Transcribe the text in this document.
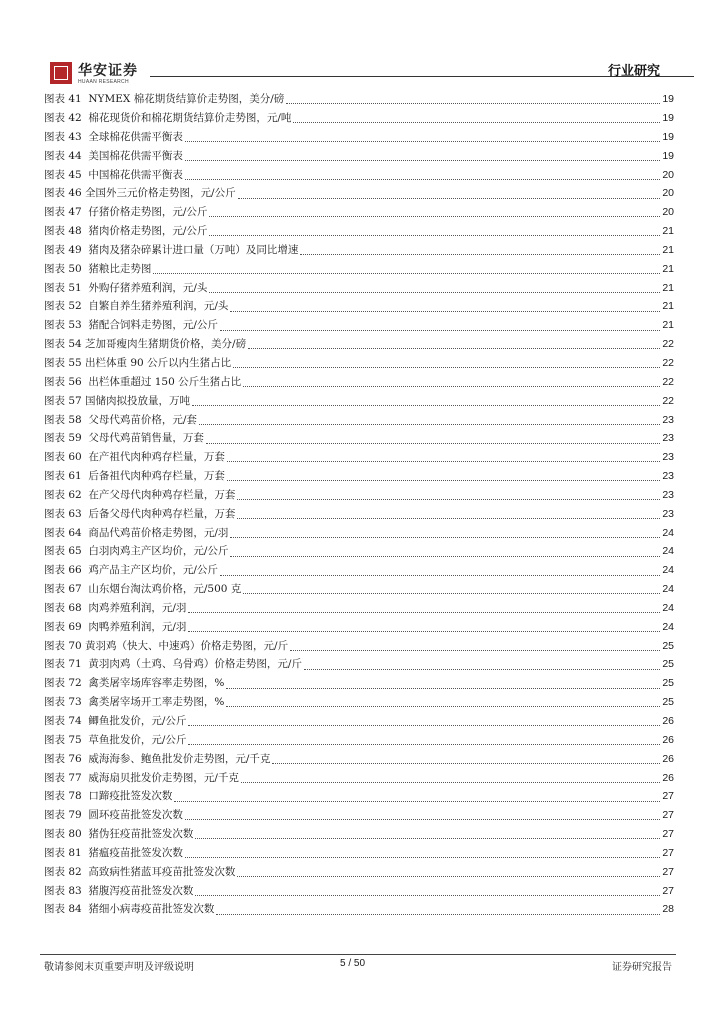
华安证券
HUAAN RESEARCH
行业研究
图表 41  NYMEX 棉花期货结算价走势图，美分/磅	19
图表 42  棉花现货价和棉花期货结算价走势图，元/吨	19
图表 43  全球棉花供需平衡表	19
图表 44  美国棉花供需平衡表	19
图表 45  中国棉花供需平衡表	20
图表 46 全国外三元价格走势图，元/公斤	20
图表 47  仔猪价格走势图，元/公斤	20
图表 48  猪肉价格走势图，元/公斤	21
图表 49  猪肉及猪杂碎累计进口量（万吨）及同比增速	21
图表 50  猪粮比走势图	21
图表 51  外购仔猪养殖利润，元/头	21
图表 52  自繁自养生猪养殖利润，元/头	21
图表 53  猪配合饲料走势图，元/公斤	21
图表 54 芝加哥瘦肉生猪期货价格，美分/磅	22
图表 55 出栏体重 90 公斤以内生猪占比	22
图表 56  出栏体重超过 150 公斤生猪占比	22
图表 57 国储肉拟投放量，万吨	22
图表 58  父母代鸡苗价格，元/套	23
图表 59  父母代鸡苗销售量，万套	23
图表 60  在产祖代肉种鸡存栏量，万套	23
图表 61  后备祖代肉种鸡存栏量，万套	23
图表 62  在产父母代肉种鸡存栏量，万套	23
图表 63  后备父母代肉种鸡存栏量，万套	23
图表 64  商品代鸡苗价格走势图，元/羽	24
图表 65  白羽肉鸡主产区均价，元/公斤	24
图表 66  鸡产品主产区均价，元/公斤	24
图表 67  山东烟台淘汰鸡价格，元/500 克	24
图表 68  肉鸡养殖利润，元/羽	24
图表 69  肉鸭养殖利润，元/羽	24
图表 70 黄羽鸡（快大、中速鸡）价格走势图，元/斤	25
图表 71  黄羽肉鸡（土鸡、乌骨鸡）价格走势图，元/斤	25
图表 72  禽类屠宰场库容率走势图，%	25
图表 73  禽类屠宰场开工率走势图，%	25
图表 74  鲫鱼批发价，元/公斤	26
图表 75  草鱼批发价，元/公斤	26
图表 76  威海海参、鲍鱼批发价走势图，元/千克	26
图表 77  威海扇贝批发价走势图，元/千克	26
图表 78  口蹄疫批签发次数	27
图表 79  圆环疫苗批签发次数	27
图表 80  猪伪狂疫苗批签发次数	27
图表 81  猪瘟疫苗批签发次数	27
图表 82  高致病性猪蓝耳疫苗批签发次数	27
图表 83  猪腹泻疫苗批签发次数	27
图表 84  猪细小病毒疫苗批签发次数	28
敬请参阅末页重要声明及评级说明	5 / 50	证券研究报告
